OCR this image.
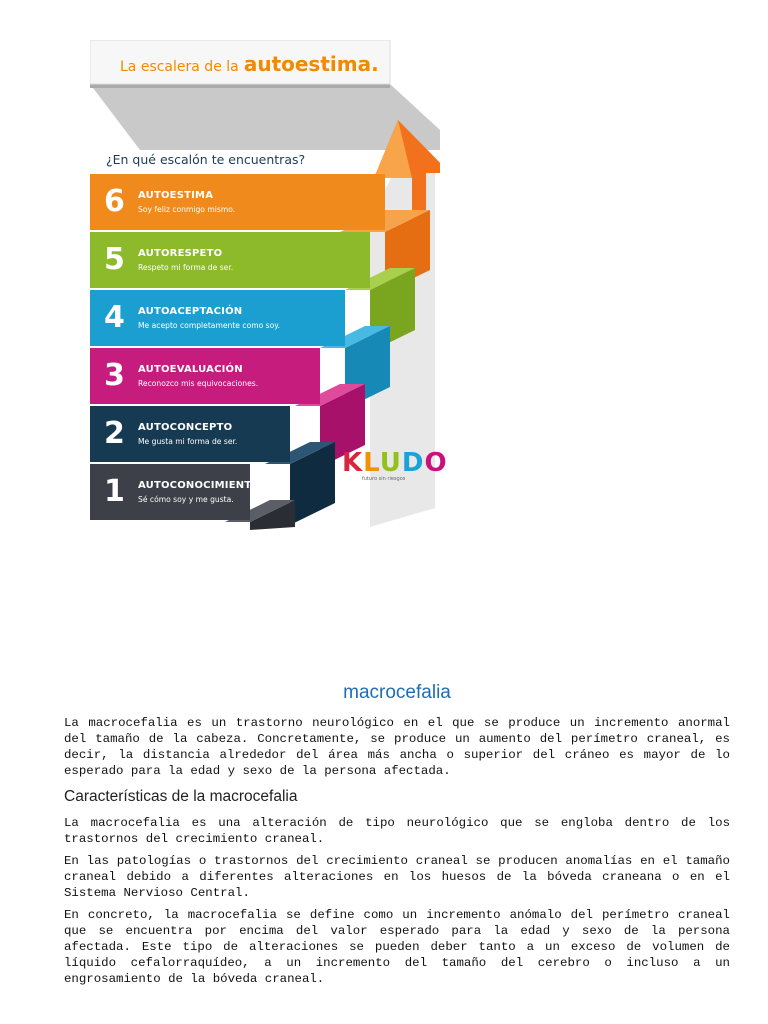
La escalera de la autoestima.
¿En qué escalón te encuentras?
6 AUTOESTIMA
Soy feliz conmigo mismo.
5 AUTORESPETO
Respeto mi forma de ser.
4 AUTOACEPTACIÓN
Me acepto completamente como soy.
3 AUTOEVALUACIÓN
Reconozco mis equivocaciones.
2 AUTOCONCEPTO
Me gusta mi forma de ser.
1 AUTOCONOCIMIENTO
Sé cómo soy y me gusta.
KLUDO
futuro sin riesgos
macrocefalia

La macrocefalia es un trastorno neurológico en el que se produce un incremento anormal del tamaño de la cabeza. Concretamente, se produce un aumento del perímetro craneal, es decir, la distancia alrededor del área más ancha o superior del cráneo es mayor de lo esperado para la edad y sexo de la persona afectada.

Características de la macrocefalia

La macrocefalia es una alteración de tipo neurológico que se engloba dentro de los trastornos del crecimiento craneal.

En las patologías o trastornos del crecimiento craneal se producen anomalías en el tamaño craneal debido a diferentes alteraciones en los huesos de la bóveda craneana o en el Sistema Nervioso Central.

En concreto, la macrocefalia se define como un incremento anómalo del perímetro craneal que se encuentra por encima del valor esperado para la edad y sexo de la persona afectada. Este tipo de alteraciones se pueden deber tanto a un exceso de volumen de líquido cefalorraquídeo, a un incremento del tamaño del cerebro o incluso a un engrosamiento de la bóveda craneal.
